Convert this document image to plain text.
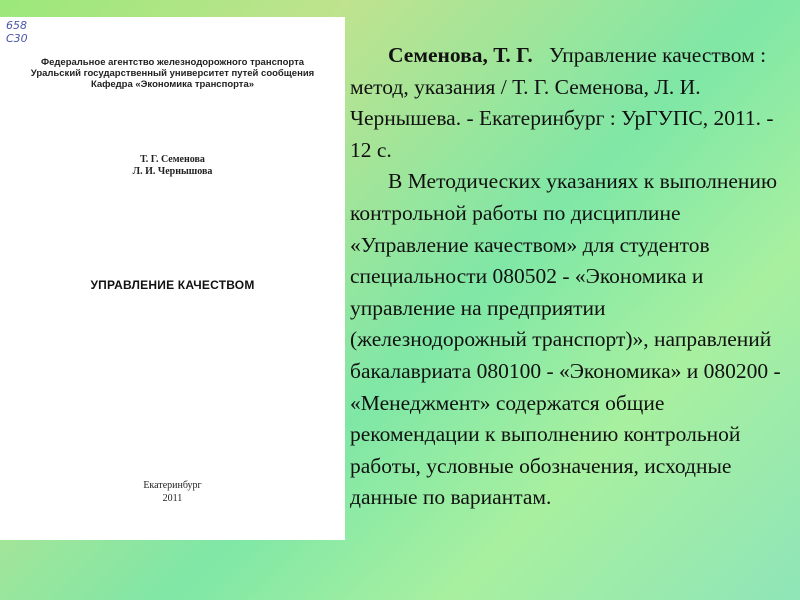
658
С30
Федеральное агентство железнодорожного транспорта
Уральский государственный университет путей сообщения
Кафедра «Экономика транспорта»
Т. Г. Семенова
Л. И. Чернышова
УПРАВЛЕНИЕ КАЧЕСТВОМ
Екатеринбург
2011

Семенова, Т. Г. Управление качеством : метод, указания / Т. Г. Семенова, Л. И. Чернышева. - Екатеринбург : УрГУПС, 2011. - 12 с.

В Методических указаниях к выполнению контрольной работы по дисциплине «Управление качеством» для студентов специальности 080502 - «Экономика и управление на предприятии (железнодорожный транспорт)», направлений бакалавриата 080100 - «Экономика» и 080200 - «Менеджмент» содержатся общие рекомендации к выполнению контрольной работы, условные обозначения, исходные данные по вариантам.
